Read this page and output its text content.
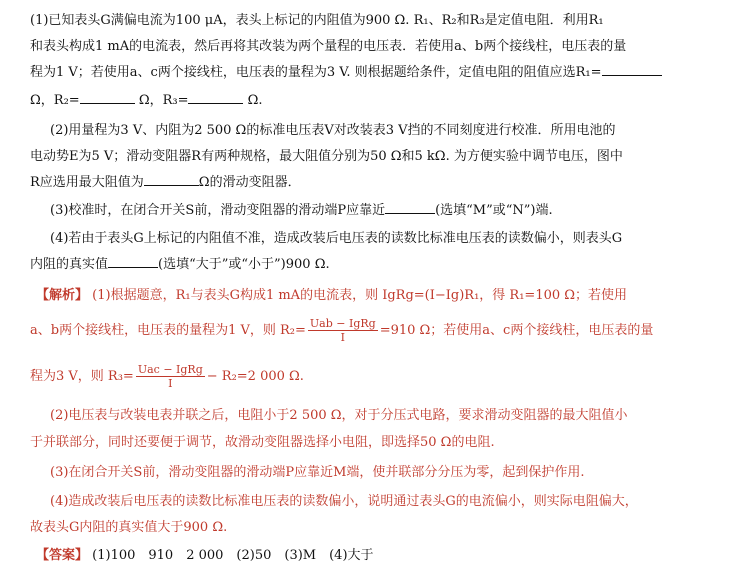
(1)已知表头G满偏电流为100 μA，表头上标记的内阻值为900 Ω. R₁、R₂和R₃是定值电阻．利用R₁
和表头构成1 mA的电流表，然后再将其改装为两个量程的电压表．若使用a、b两个接线柱，电压表的量
程为1 V；若使用a、c两个接线柱，电压表的量程为3 V. 则根据题给条件，定值电阻的阻值应选R₁=
Ω，R₂=	Ω，R₃=	Ω.
(2)用量程为3 V、内阻为2 500 Ω的标准电压表V对改装表3 V挡的不同刻度进行校准．所用电池的
电动势E为5 V；滑动变阻器R有两种规格，最大阻值分别为50 Ω和5 kΩ. 为方便实验中调节电压，图中
R应选用最大阻值为	Ω的滑动变阻器．
(3)校准时，在闭合开关S前，滑动变阻器的滑动端P应靠近	(选填“M”或“N”)端.
(4)若由于表头G上标记的内阻值不准，造成改装后电压表的读数比标准电压表的读数偏小，则表头G
内阻的真实值	(选填“大于”或“小于”)900 Ω.
【解析】 (1)根据题意，R₁与表头G构成1 mA的电流表，则 IgRg=(I−Ig)R₁，得 R₁=100 Ω；若使用
a、b两个接线柱，电压表的量程为1 V，则 $R_2= \frac{\text{Uab − IgRg}}{I} =910$ Ω；若使用a、c两个接线柱，电压表的量
程为3 V，则 $R_3= \frac{\text{Uac − IgRg}}{I} - R_2=2$ 000 Ω.
(2)电压表与改装电表并联之后，电阻小于2 500 Ω，对于分压式电路，要求滑动变阻器的最大阻值小
于并联部分，同时还要便于调节，故滑动变阻器选择小电阻，即选择50 Ω的电阻.
(3)在闭合开关S前，滑动变阻器的滑动端P应靠近M端，使并联部分分压为零，起到保护作用.
(4)造成改装后电压表的读数比标准电压表的读数偏小，说明通过表头G的电流偏小，则实际电阻偏大，
故表头G内阻的真实值大于900 Ω.
【答案】 (1)100　910　2 000　(2)50　(3)M　(4)大于
